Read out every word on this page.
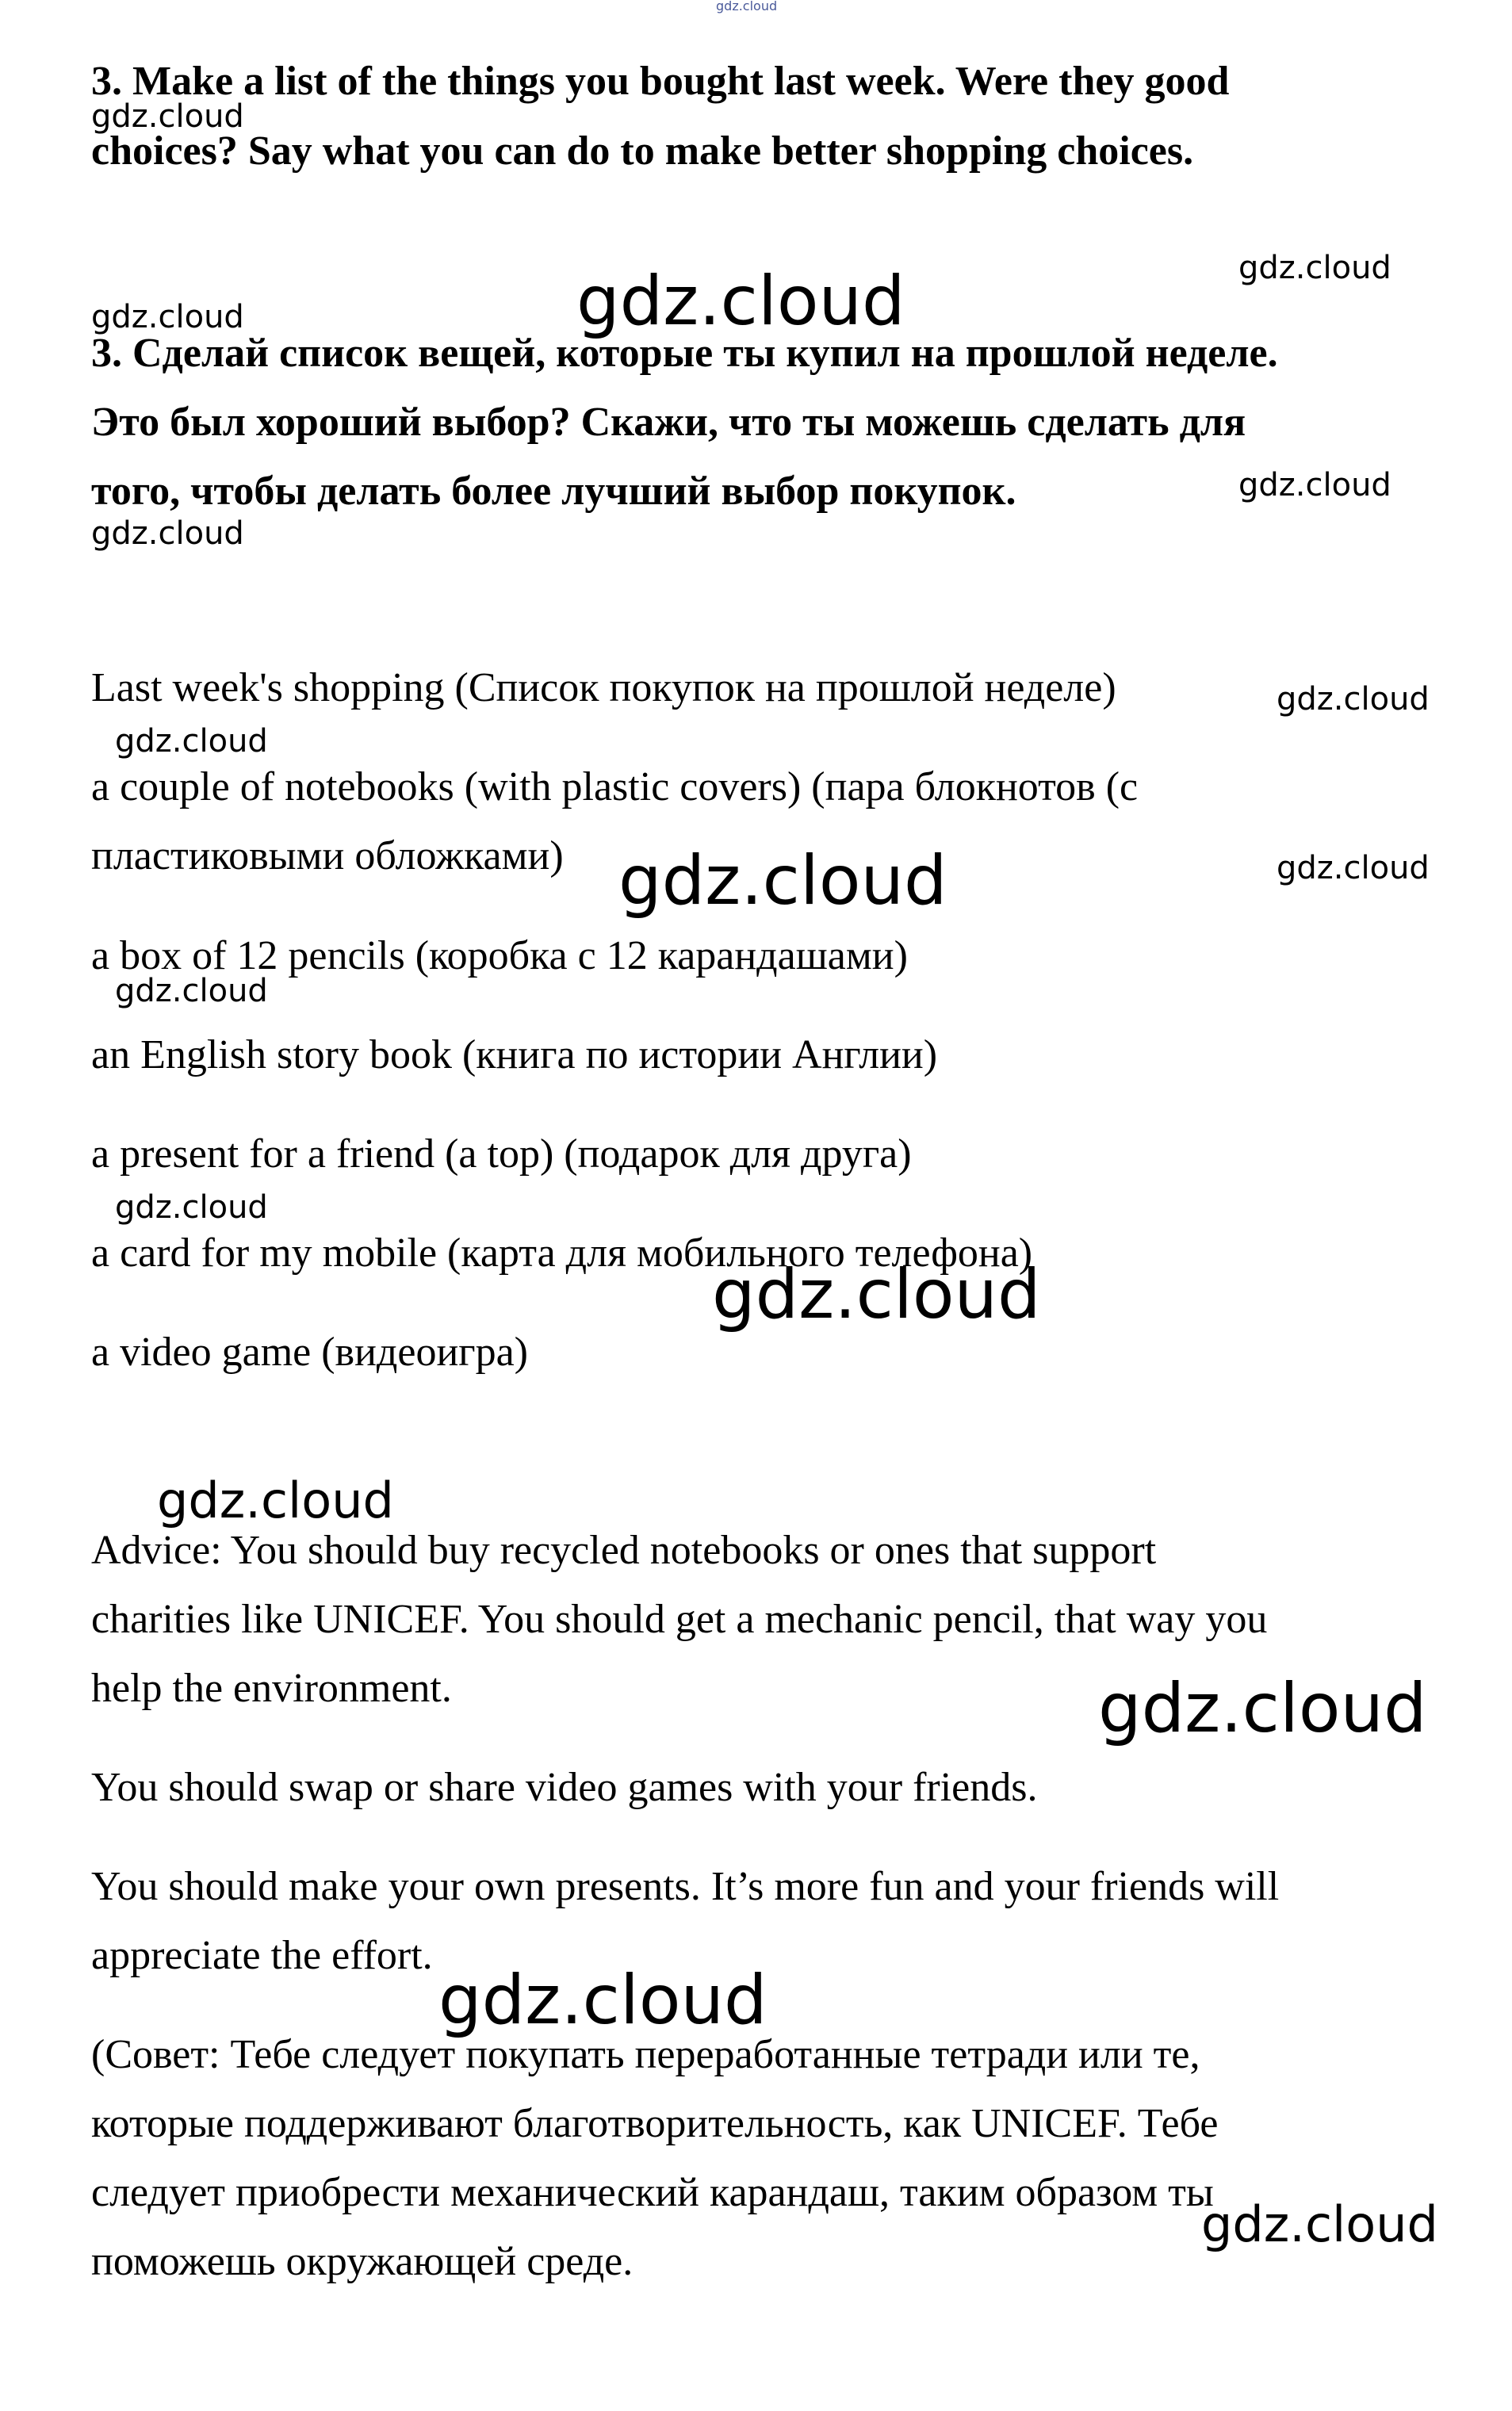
3. Make a list of the things you bought last week. Were they good
choices? Say what you can do to make better shopping choices.
3. Сделай список вещей, которые ты купил на прошлой неделе.
Это был хороший выбор? Скажи, что ты можешь сделать для
того, чтобы делать более лучший выбор покупок.
Last week's shopping (Список покупок на прошлой неделе)
a couple of notebooks (with plastic covers) (пара блокнотов (с
пластиковыми обложками)
a box of 12 pencils (коробка с 12 карандашами)
an English story book (книга по истории Англии)
a present for a friend (a top) (подарок для друга)
a card for my mobile (карта для мобильного телефона)
a video game (видеоигра)
Advice: You should buy recycled notebooks or ones that support
charities like UNICEF. You should get a mechanic pencil, that way you
help the environment.
You should swap or share video games with your friends.
You should make your own presents. It’s more fun and your friends will
appreciate the effort.
(Совет: Тебе следует покупать переработанные тетради или те,
которые поддерживают благотворительность, как UNICEF. Тебе
следует приобрести механический карандаш, таким образом ты
поможешь окружающей среде.
gdz.cloud
gdz.cloud
gdz.cloud
gdz.cloud
gdz.cloud
gdz.cloud
gdz.cloud
gdz.cloud
gdz.cloud
gdz.cloud	gdz.cloud
gdz.cloud
gdz.cloud
gdz.cloud
gdz.cloud
gdz.cloud
gdz.cloud
gdz.cloud
